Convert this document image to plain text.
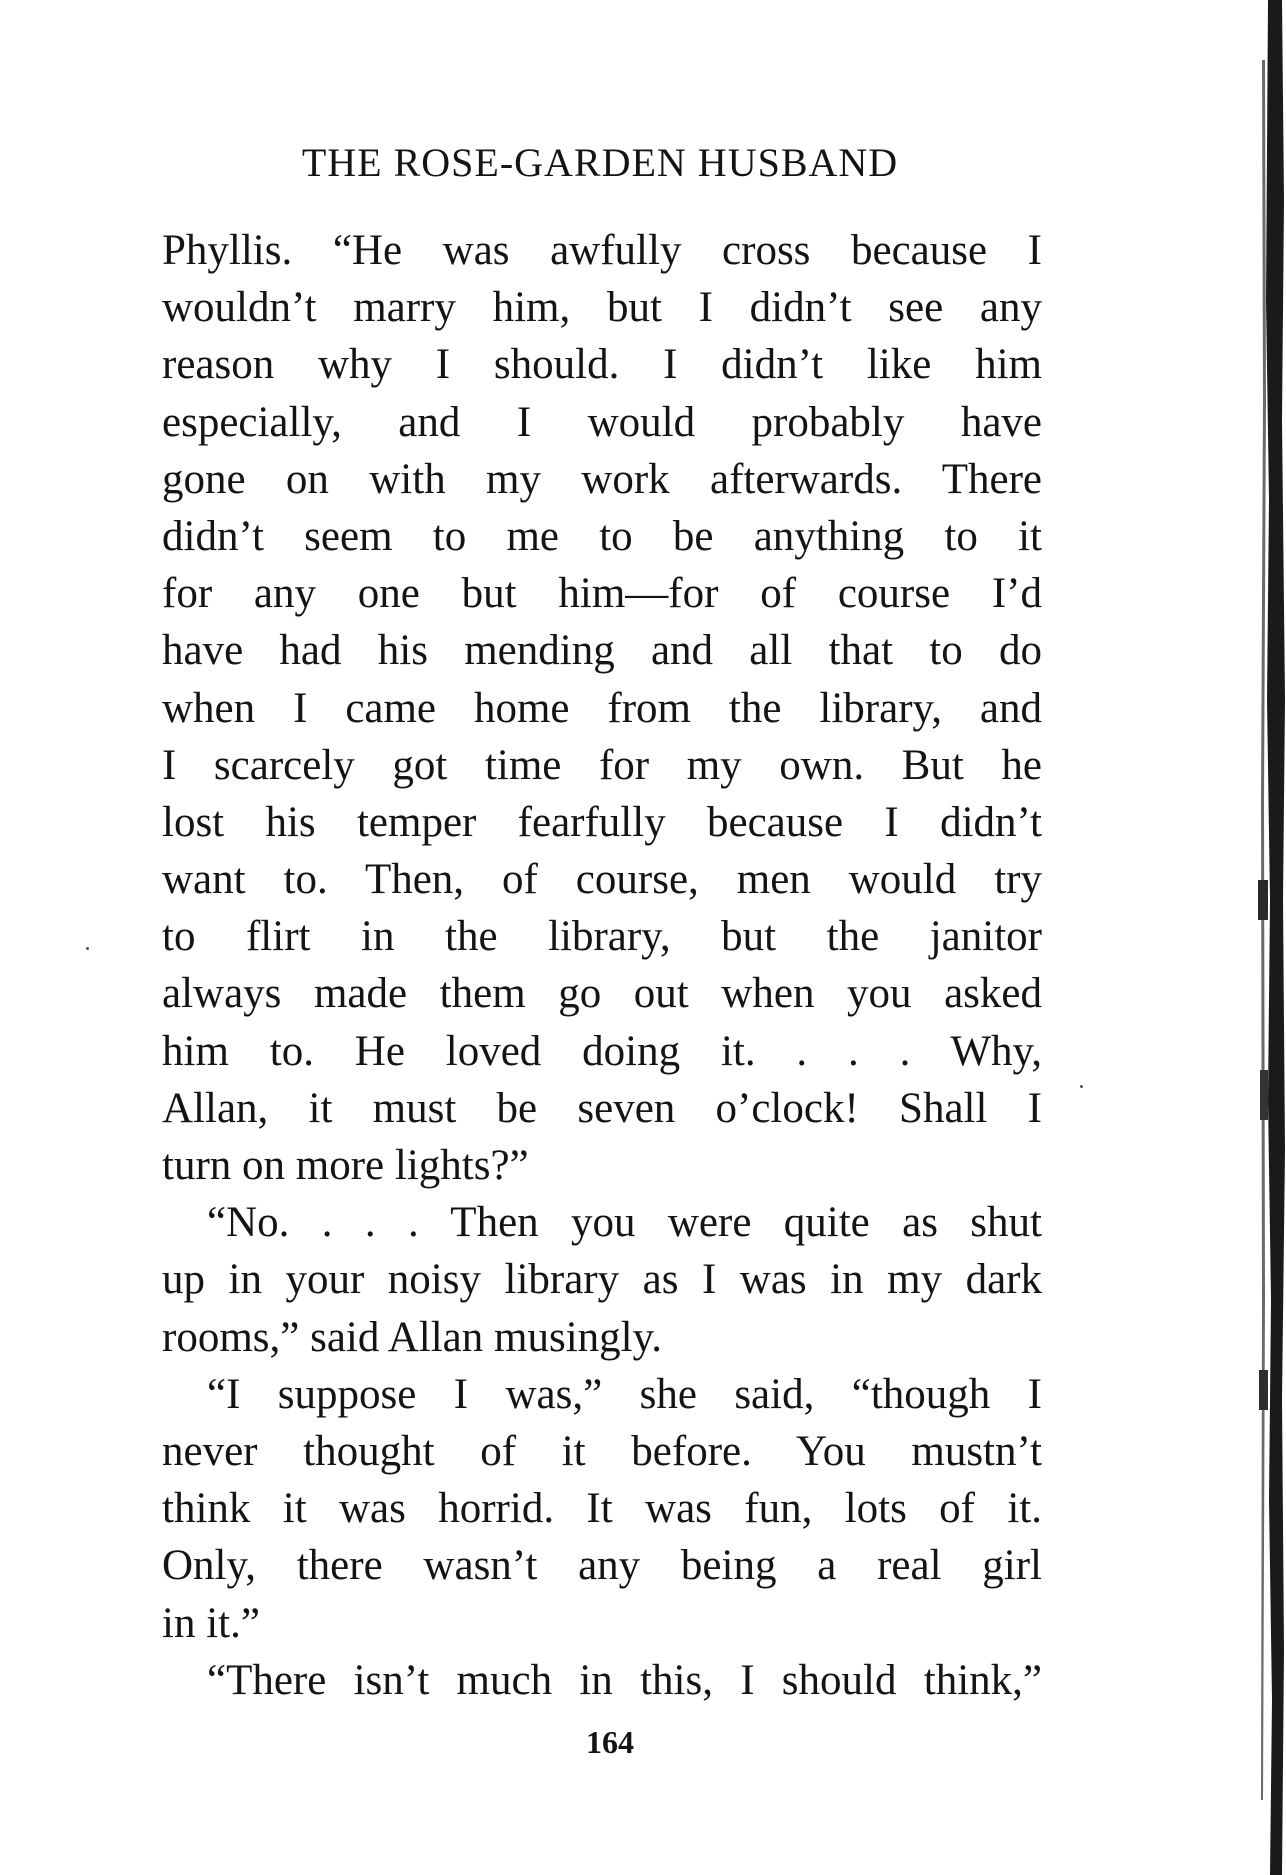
THE ROSE-GARDEN HUSBAND
Phyllis. “He was awfully cross because I
wouldn’t marry him, but I didn’t see any
reason why I should. I didn’t like him
especially, and I would probably have
gone on with my work afterwards. There
didn’t seem to me to be anything to it
for any one but him—for of course I’d
have had his mending and all that to do
when I came home from the library, and
I scarcely got time for my own. But he
lost his temper fearfully because I didn’t
want to. Then, of course, men would try
to flirt in the library, but the janitor
always made them go out when you asked
him to. He loved doing it. . . . Why,
Allan, it must be seven o’clock! Shall I
turn on more lights?”
“No. . . . Then you were quite as shut
up in your noisy library as I was in my dark
rooms,” said Allan musingly.
“I suppose I was,” she said, “though I
never thought of it before. You mustn’t
think it was horrid. It was fun, lots of it.
Only, there wasn’t any being a real girl
in it.”
“There isn’t much in this, I should think,”
164
